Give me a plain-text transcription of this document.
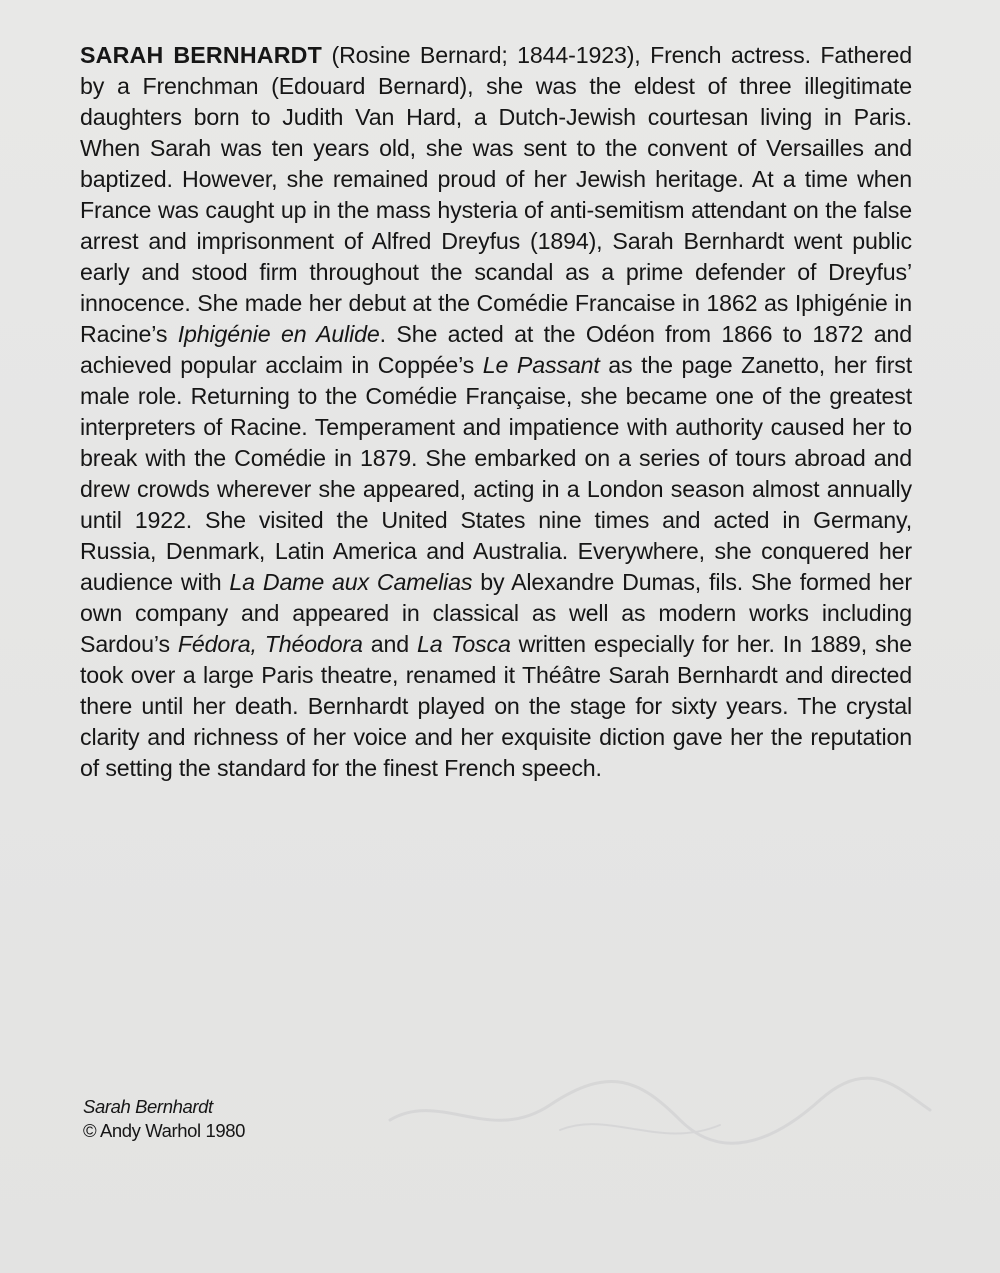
SARAH BERNHARDT (Rosine Bernard; 1844-1923), French actress. Fathered by a Frenchman (Edouard Bernard), she was the eldest of three illegitimate daughters born to Judith Van Hard, a Dutch-Jewish courtesan living in Paris. When Sarah was ten years old, she was sent to the convent of Versailles and baptized. However, she remained proud of her Jewish heritage. At a time when France was caught up in the mass hysteria of anti-semitism attendant on the false arrest and imprisonment of Alfred Dreyfus (1894), Sarah Bernhardt went public early and stood firm throughout the scandal as a prime defender of Dreyfus’ innocence. She made her debut at the Comédie Francaise in 1862 as Iphigénie in Racine’s Iphigénie en Aulide. She acted at the Odéon from 1866 to 1872 and achieved popular acclaim in Coppée’s Le Passant as the page Zanetto, her first male role. Returning to the Comédie Française, she became one of the greatest interpreters of Racine. Temperament and impatience with authority caused her to break with the Comédie in 1879. She embarked on a series of tours abroad and drew crowds wherever she appeared, acting in a London season almost annually until 1922. She visited the United States nine times and acted in Germany, Russia, Denmark, Latin America and Australia. Everywhere, she conquered her audience with La Dame aux Camelias by Alexandre Dumas, fils. She formed her own company and appeared in classical as well as modern works including Sardou’s Fédora, Théodora and La Tosca written especially for her. In 1889, she took over a large Paris theatre, renamed it Théâtre Sarah Bernhardt and directed there until her death. Bernhardt played on the stage for sixty years. The crystal clarity and richness of her voice and her exquisite diction gave her the reputation of setting the standard for the finest French speech.

Sarah Bernhardt
© Andy Warhol 1980
